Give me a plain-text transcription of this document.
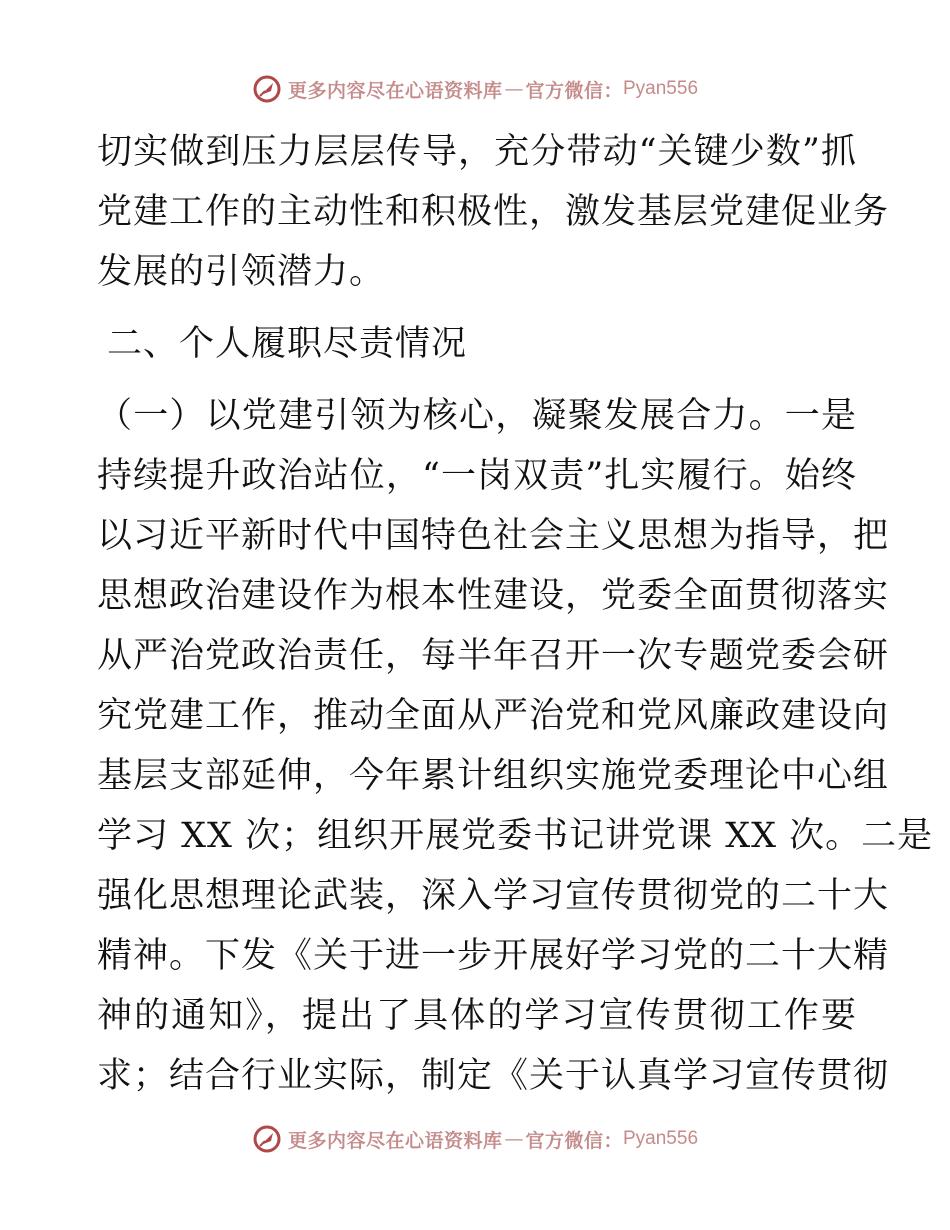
更多内容尽在心语资料库 — 官方微信： Pyan556
切实做到压力层层传导，充分带动“关键少数”抓
党建工作的主动性和积极性，激发基层党建促业务
发展的引领潜力。
二、个人履职尽责情况
（一）以党建引领为核心，凝聚发展合力。一是
持续提升政治站位，“一岗双责”扎实履行。始终
以习近平新时代中国特色社会主义思想为指导，把
思想政治建设作为根本性建设，党委全面贯彻落实
从严治党政治责任，每半年召开一次专题党委会研
究党建工作，推动全面从严治党和党风廉政建设向
基层支部延伸，今年累计组织实施党委理论中心组
学习 XX 次；组织开展党委书记讲党课 XX 次。二是
强化思想理论武装，深入学习宣传贯彻党的二十大
精神。下发《关于进一步开展好学习党的二十大精
神的通知》，提出了具体的学习宣传贯彻工作要
求；结合行业实际，制定《关于认真学习宣传贯彻
更多内容尽在心语资料库 — 官方微信： Pyan556
